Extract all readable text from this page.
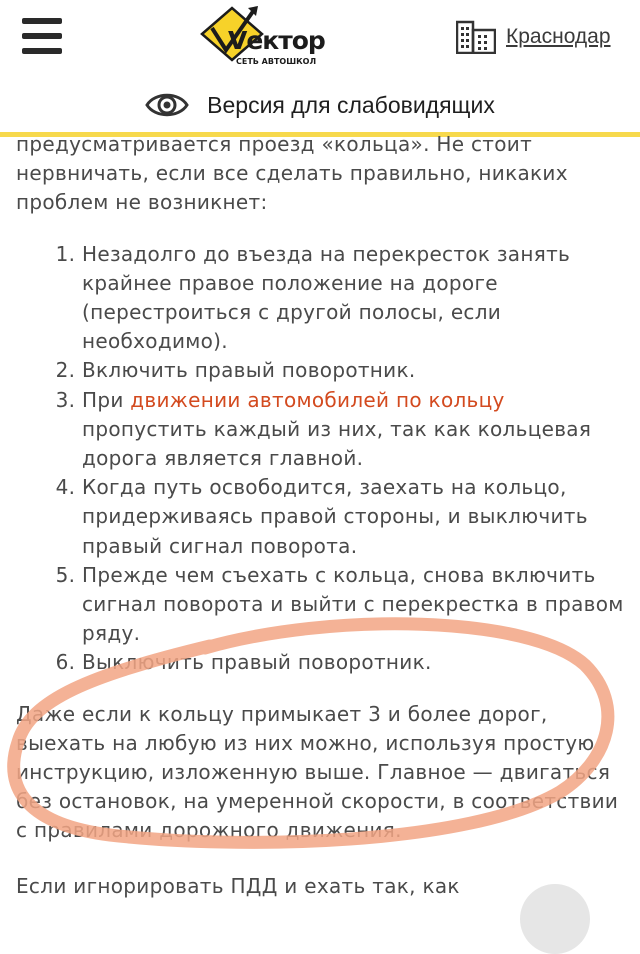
Vектор
СЕТЬ АВТОШКОЛ
Краснодар
Версия для слабовидящих

предусматривается проезд «кольца». Не стоит нервничать, если все сделать правильно, никаких проблем не возникнет:

1. Незадолго до въезда на перекресток занять крайнее правое положение на дороге (перестроиться с другой полосы, если необходимо).
2. Включить правый поворотник.
3. При движении автомобилей по кольцу пропустить каждый из них, так как кольцевая дорога является главной.
4. Когда путь освободится, заехать на кольцо, придерживаясь правой стороны, и выключить правый сигнал поворота.
5. Прежде чем съехать с кольца, снова включить сигнал поворота и выйти с перекрестка в правом ряду.
6. Выключить правый поворотник.

Даже если к кольцу примыкает 3 и более дорог, выехать на любую из них можно, используя простую инструкцию, изложенную выше. Главное — двигаться без остановок, на умеренной скорости, в соответствии с правилами дорожного движения.

Если игнорировать ПДД и ехать так, как
